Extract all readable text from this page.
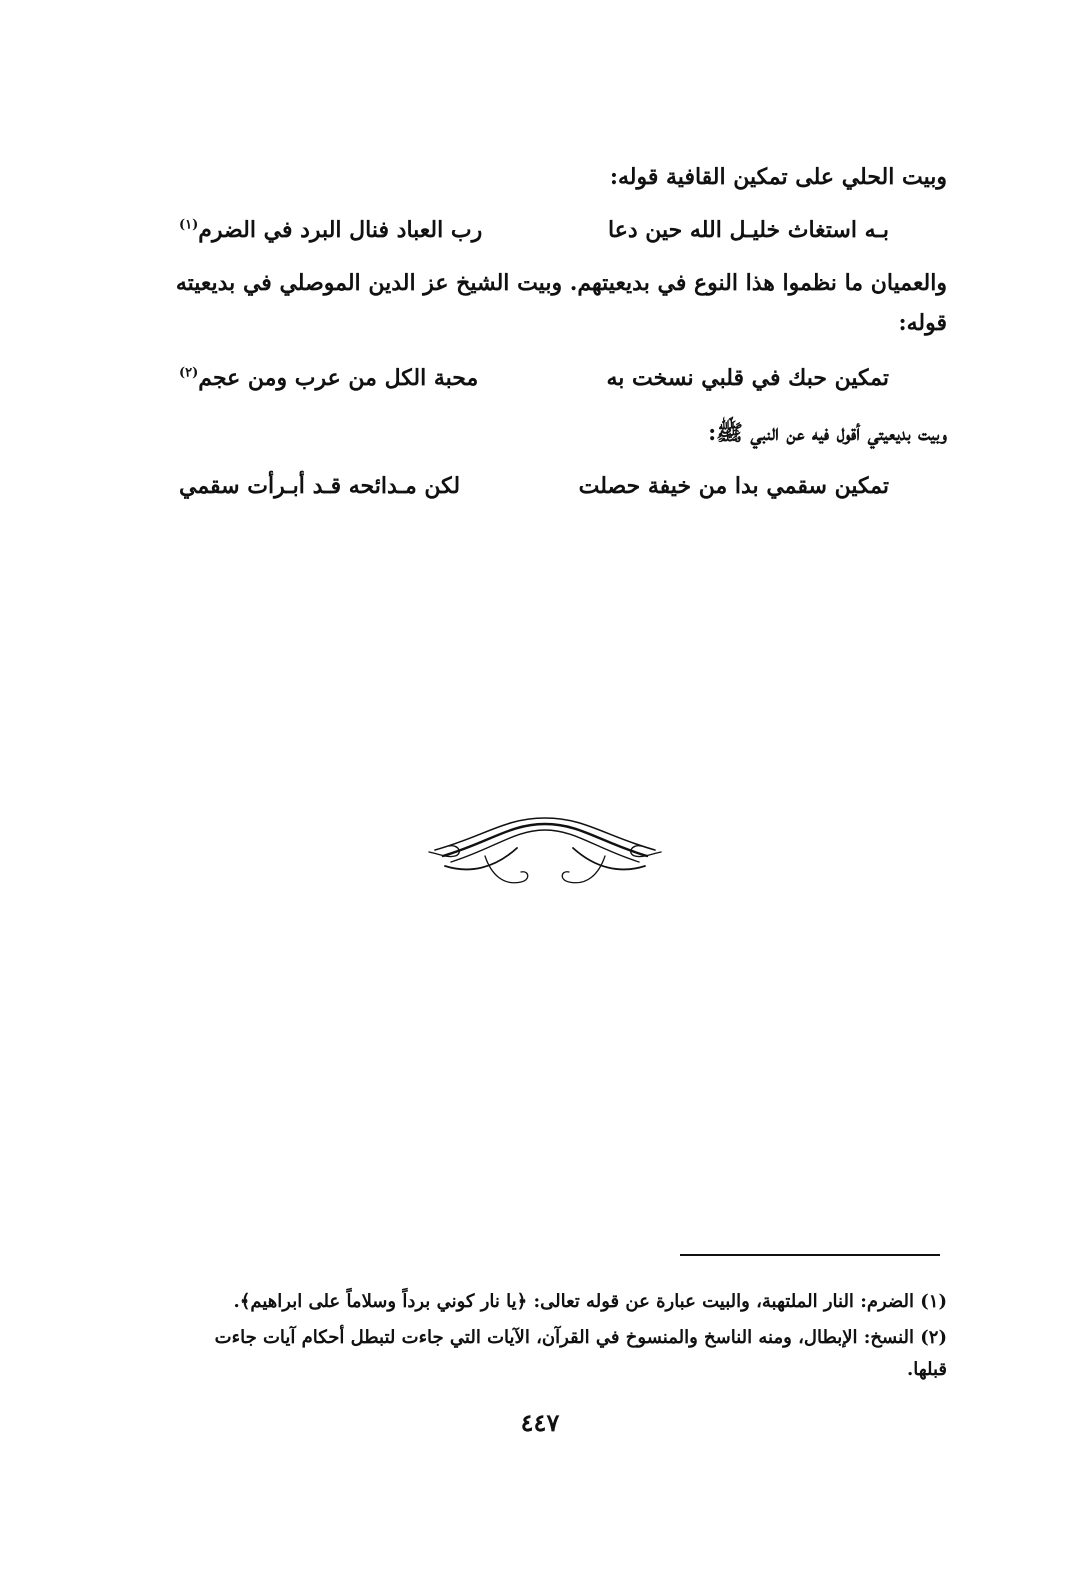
وبيت الحلي على تمكين القافية قوله:
بـه استغاث خليـل الله حين دعا
رب العباد فنال البرد في الضرم$^{(١)}$
والعميان ما نظموا هذا النوع في بديعيتهم. وبيت الشيخ عز الدين الموصلي في بديعيته
قوله:
تمكين حبك في قلبي نسخت به
محبة الكل من عرب ومن عجم$^{(٢)}$
وبيت بديعيتي أقول فيه عن النبي ﷺ:
تمكين سقمي بدا من خيفة حصلت
لكن مـدائحه قـد أبـرأت سقمي
(١) الضرم: النار الملتهبة، والبيت عبارة عن قوله تعالى: ﴿يا نار كوني برداً وسلاماً على ابراهيم﴾.
(٢) النسخ: الإبطال، ومنه الناسخ والمنسوخ في القرآن، الآيات التي جاءت لتبطل أحكام آيات جاءت
قبلها.
٤٤٧
